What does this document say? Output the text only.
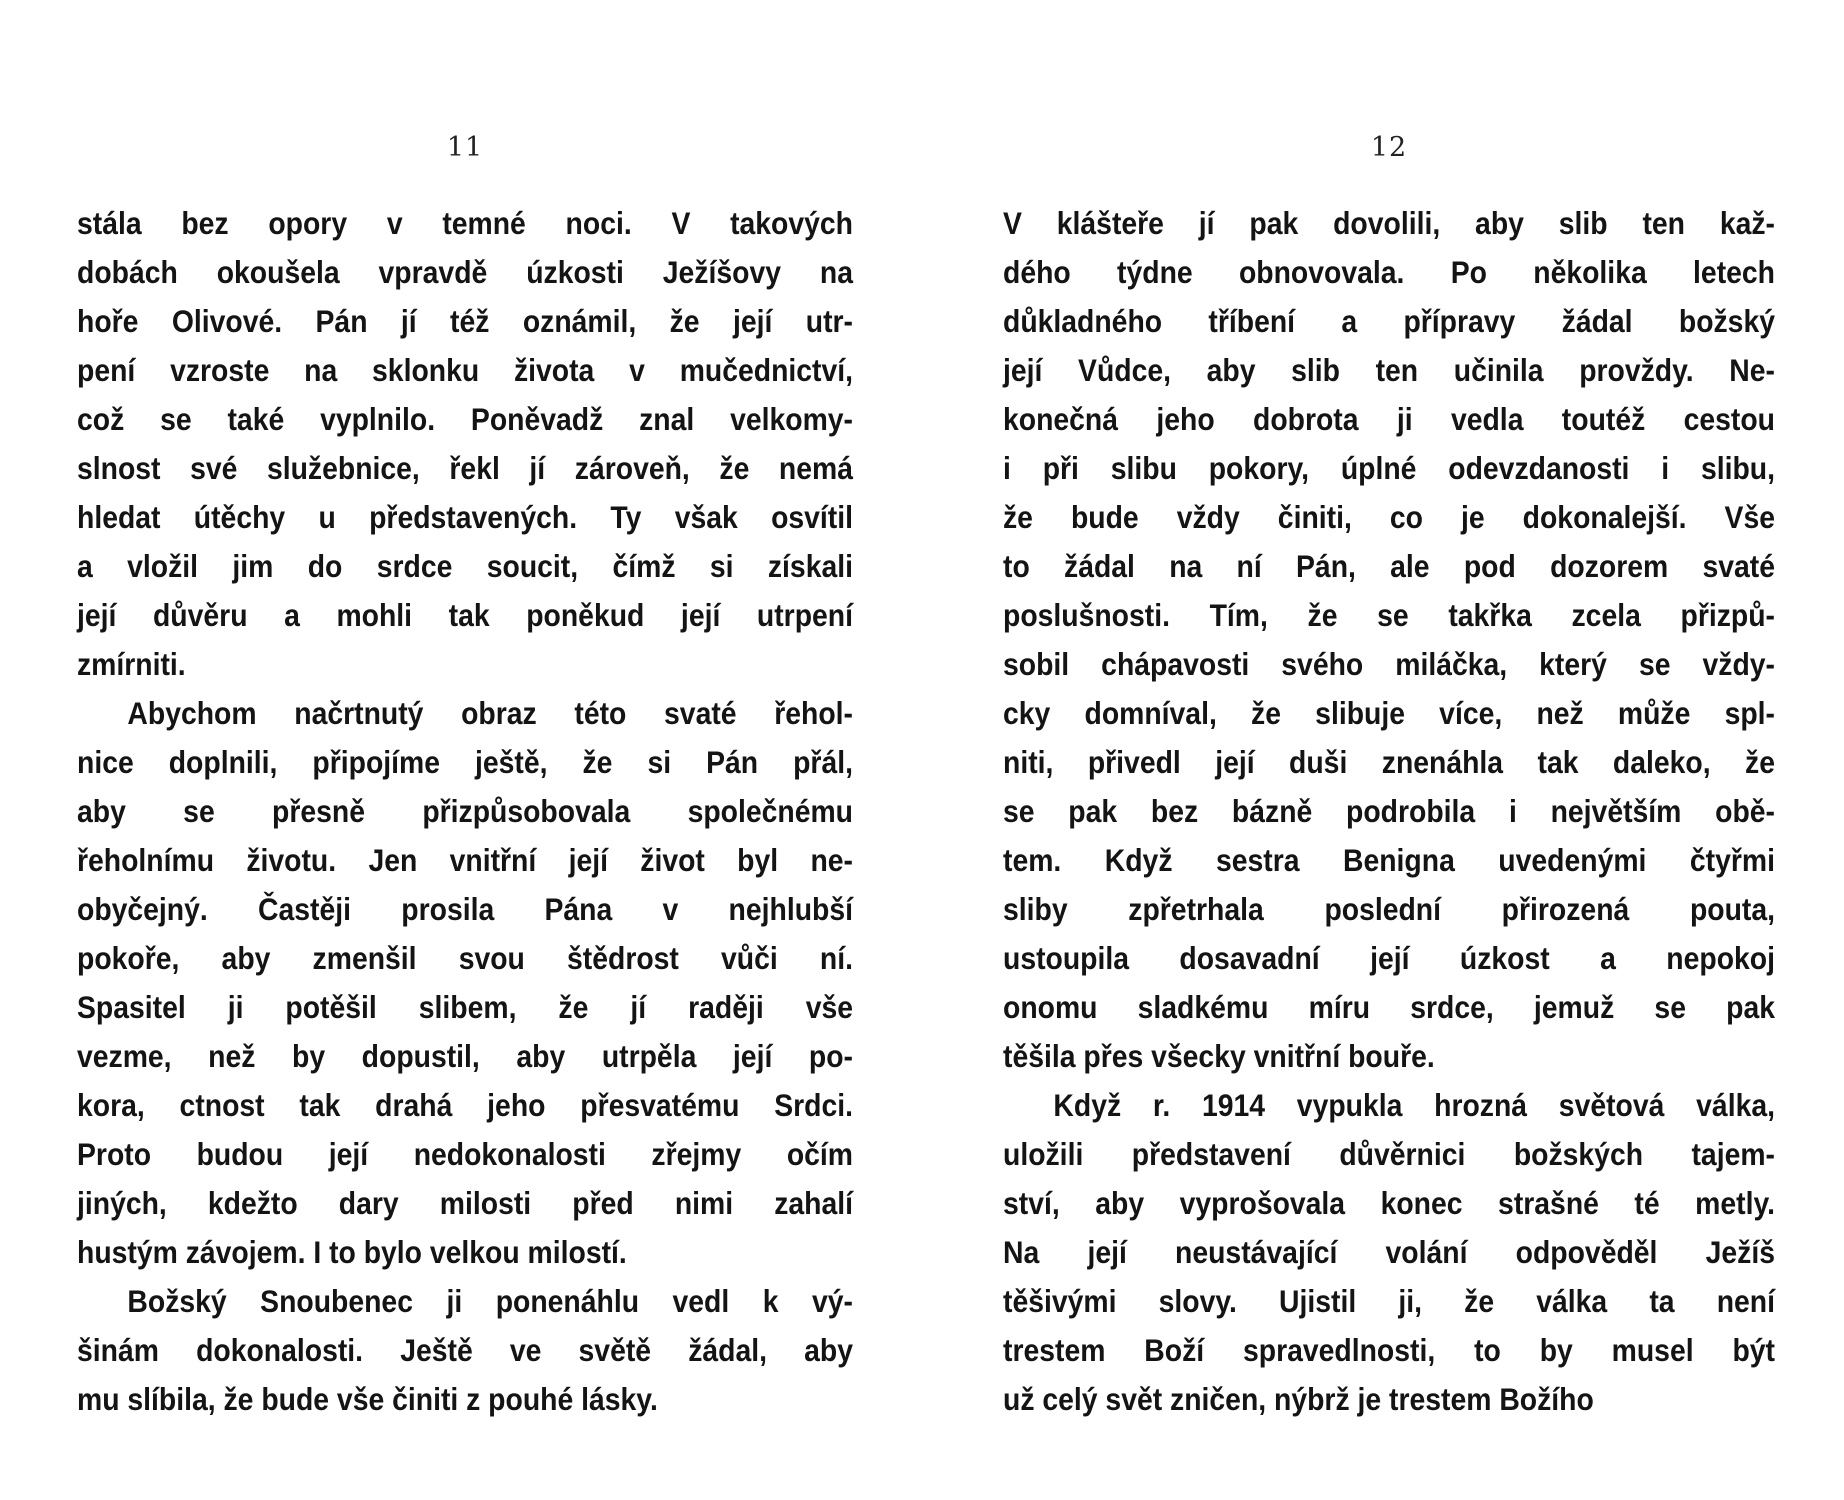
11
stála bez opory v temné noci. V takových
dobách okoušela vpravdě úzkosti Ježíšovy na
hoře Olivové. Pán jí též oznámil, že její utr-
pení vzroste na sklonku života v mučednictví,
což se také vyplnilo. Poněvadž znal velkomy-
slnost své služebnice, řekl jí zároveň, že nemá
hledat útěchy u představených. Ty však osvítil
a vložil jim do srdce soucit, čímž si získali
její důvěru a mohli tak poněkud její utrpení
zmírniti.
Abychom načrtnutý obraz této svaté řehol-
nice doplnili, připojíme ještě, že si Pán přál,
aby se přesně přizpůsobovala společnému
řeholnímu životu. Jen vnitřní její život byl ne-
obyčejný. Častěji prosila Pána v nejhlubší
pokoře, aby zmenšil svou štědrost vůči ní.
Spasitel ji potěšil slibem, že jí raději vše
vezme, než by dopustil, aby utrpěla její po-
kora, ctnost tak drahá jeho přesvatému Srdci.
Proto budou její nedokonalosti zřejmy očím
jiných, kdežto dary milosti před nimi zahalí
hustým závojem. I to bylo velkou milostí.
Božský Snoubenec ji ponenáhlu vedl k vý-
šinám dokonalosti. Ještě ve světě žádal, aby
mu slíbila, že bude vše činiti z pouhé lásky.
12
V klášteře jí pak dovolili, aby slib ten kaž-
dého týdne obnovovala. Po několika letech
důkladného tříbení a přípravy žádal božský
její Vůdce, aby slib ten učinila provždy. Ne-
konečná jeho dobrota ji vedla toutéž cestou
i při slibu pokory, úplné odevzdanosti i slibu,
že bude vždy činiti, co je dokonalejší. Vše
to žádal na ní Pán, ale pod dozorem svaté
poslušnosti. Tím, že se takřka zcela přizpů-
sobil chápavosti svého miláčka, který se vždy-
cky domníval, že slibuje více, než může spl-
niti, přivedl její duši znenáhla tak daleko, že
se pak bez bázně podrobila i největším obě-
tem. Když sestra Benigna uvedenými čtyřmi
sliby zpřetrhala poslední přirozená pouta,
ustoupila dosavadní její úzkost a nepokoj
onomu sladkému míru srdce, jemuž se pak
těšila přes všecky vnitřní bouře.
Když r. 1914 vypukla hrozná světová válka,
uložili představení důvěrnici božských tajem-
ství, aby vyprošovala konec strašné té metly.
Na její neustávající volání odpověděl Ježíš
těšivými slovy. Ujistil ji, že válka ta není
trestem Boží spravedlnosti, to by musel být
už celý svět zničen, nýbrž je trestem Božího
